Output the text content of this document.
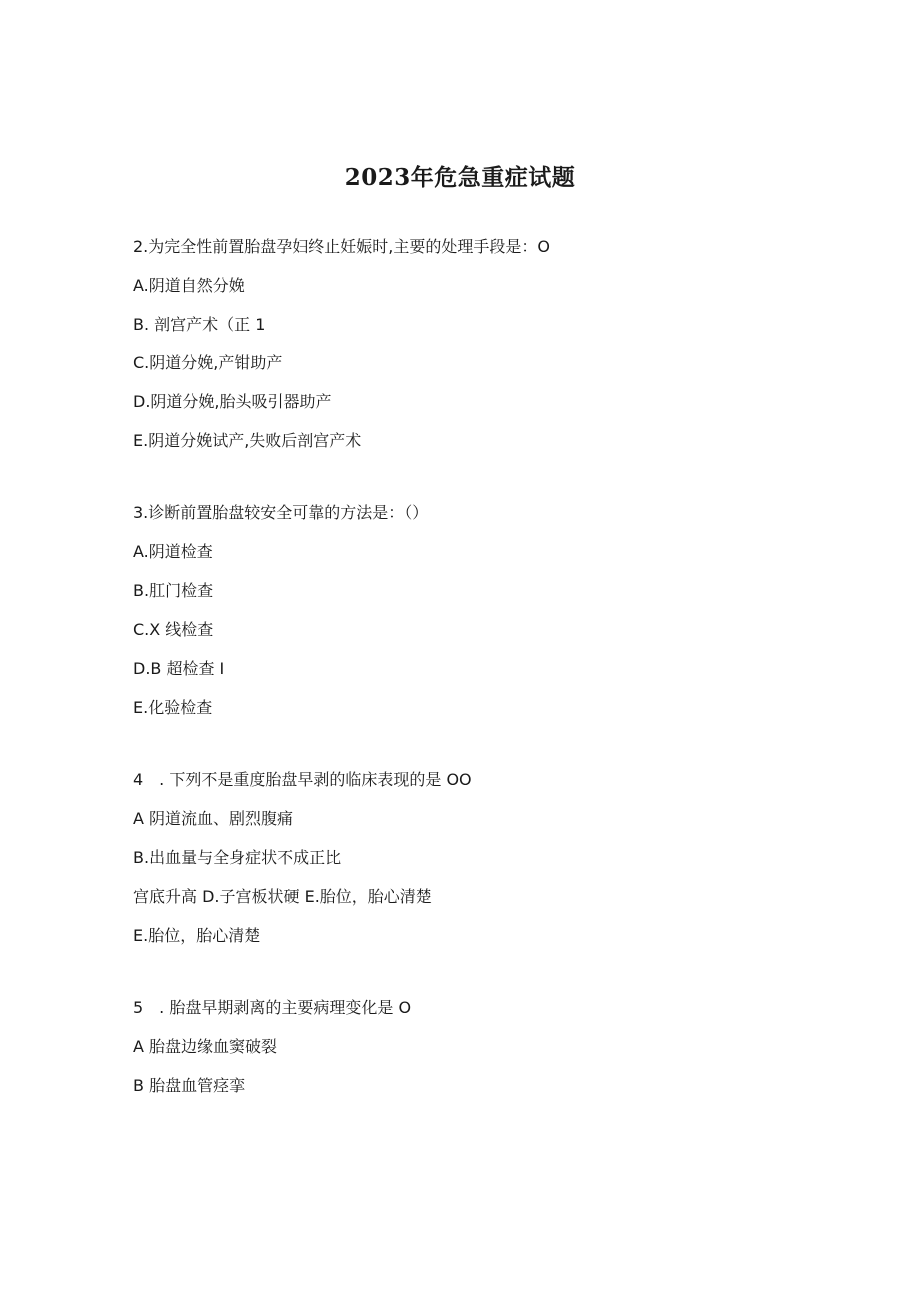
2023年危急重症试题
2.为完全性前置胎盘孕妇终止妊娠时,主要的处理手段是：O
A.阴道自然分娩
B. 剖宫产术（正 1
C.阴道分娩,产钳助产
D.阴道分娩,胎头吸引器助产
E.阴道分娩试产,失败后剖宫产术
3.诊断前置胎盘较安全可靠的方法是：（）
A.阴道检查
B.肛门检查
C.X 线检查
D.B 超检查 I
E.化验检查
4　. 下列不是重度胎盘早剥的临床表现的是 OO
A 阴道流血、剧烈腹痛
B.出血量与全身症状不成正比
宫底升高 D.子宫板状硬 E.胎位，胎心清楚
E.胎位，胎心清楚
5　. 胎盘早期剥离的主要病理变化是 O
A 胎盘边缘血窦破裂
B 胎盘血管痉挛
